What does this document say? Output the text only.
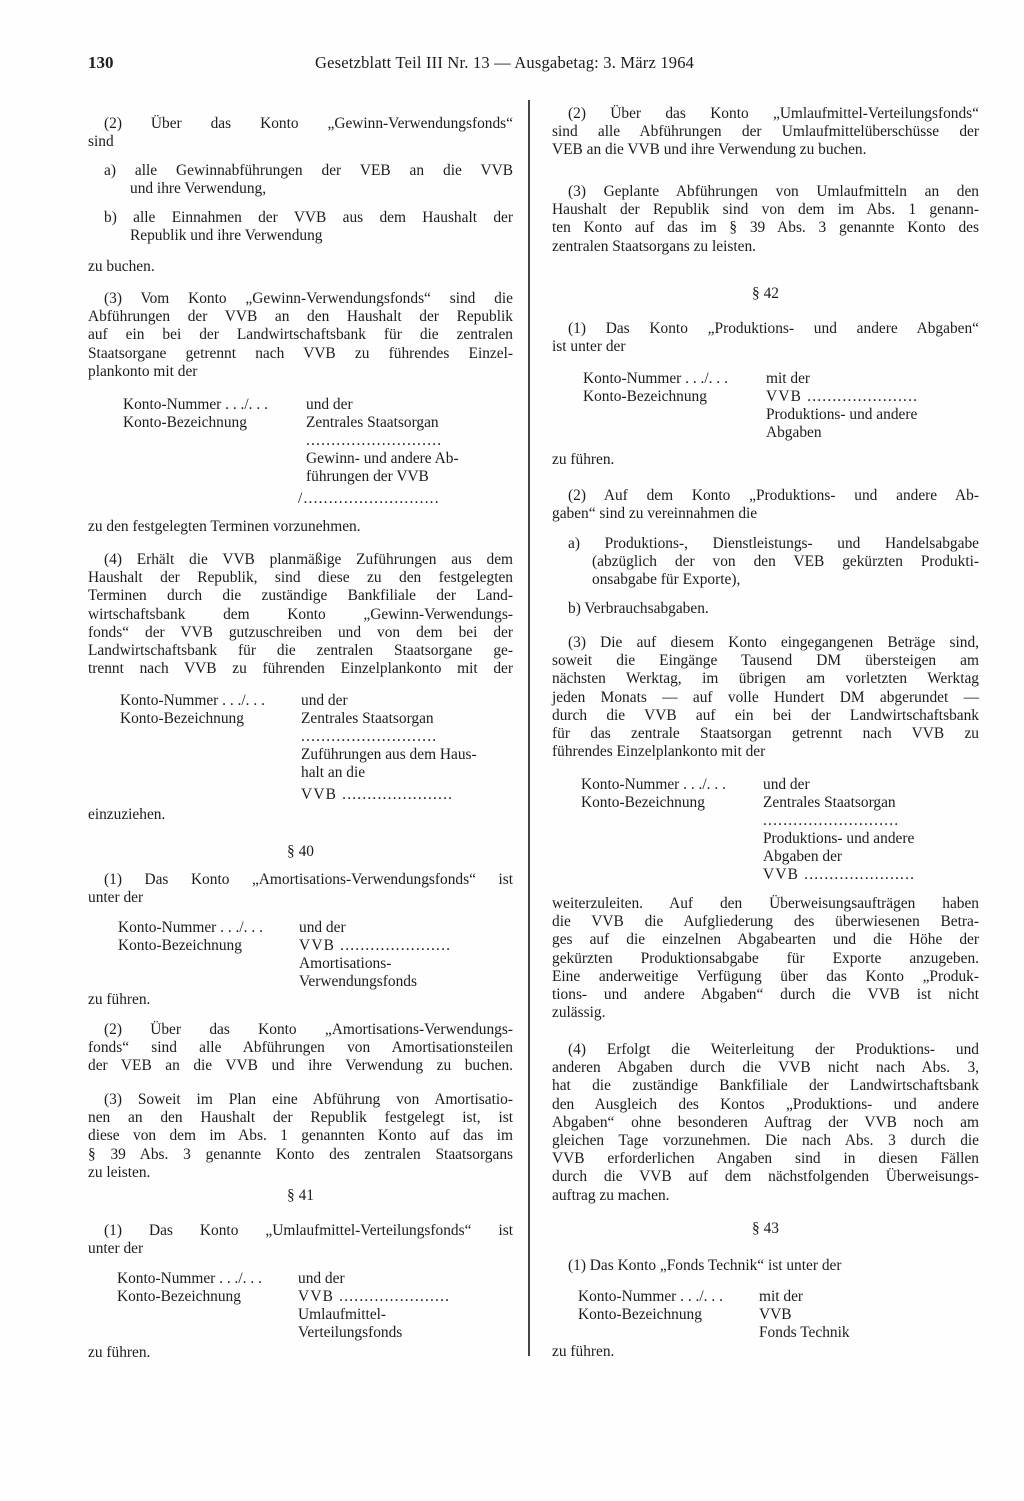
130	Gesetzblatt Teil III Nr. 13 — Ausgabetag: 3. März 1964
(2) Über das Konto „Gewinn-Verwendungsfonds“
sind
a) alle Gewinnabführungen der VEB an die VVB
und ihre Verwendung,
b) alle Einnahmen der VVB aus dem Haushalt der
Republik und ihre Verwendung
zu buchen.
(3) Vom Konto „Gewinn-Verwendungsfonds“ sind die
Abführungen der VVB an den Haushalt der Republik
auf ein bei der Landwirtschaftsbank für die zentralen
Staatsorgane getrennt nach VVB zu führendes Einzel-
plankonto mit der
Konto-Nummer . . ./. . . und der
Konto-Bezeichnung	Zentrales Staatsorgan
...........................
Gewinn- und andere Ab-
führungen der VVB
/...........................
zu den festgelegten Terminen vorzunehmen.
(4) Erhält die VVB planmäßige Zuführungen aus dem
Haushalt der Republik, sind diese zu den festgelegten
Terminen durch die zuständige Bankfiliale der Land-
wirtschaftsbank dem Konto „Gewinn-Verwendungs-
fonds“ der VVB gutzuschreiben und von dem bei der
Landwirtschaftsbank für die zentralen Staatsorgane ge-
trennt nach VVB zu führenden Einzelplankonto mit der
Konto-Nummer . . ./. . . und der
Konto-Bezeichnung	Zentrales Staatsorgan
...........................
Zuführungen aus dem Haus-
halt an die
VVB ......................
einzuziehen.
§ 40
(1) Das Konto „Amortisations-Verwendungsfonds“ ist
unter der
Konto-Nummer . . ./. . . und der
Konto-Bezeichnung	VVB ......................
Amortisations-
Verwendungsfonds
zu führen.
(2) Über das Konto „Amortisations-Verwendungs-
fonds“ sind alle Abführungen von Amortisationsteilen
der VEB an die VVB und ihre Verwendung zu buchen.
(3) Soweit im Plan eine Abführung von Amortisatio-
nen an den Haushalt der Republik festgelegt ist, ist
diese von dem im Abs. 1 genannten Konto auf das im
§ 39 Abs. 3 genannte Konto des zentralen Staatsorgans
zu leisten.
§ 41
(1) Das Konto „Umlaufmittel-Verteilungsfonds“ ist
unter der
Konto-Nummer . . ./. . . und der
Konto-Bezeichnung	VVB ......................
Umlaufmittel-
Verteilungsfonds
zu führen.
(2) Über das Konto „Umlaufmittel-Verteilungsfonds“
sind alle Abführungen der Umlaufmittelüberschüsse der
VEB an die VVB und ihre Verwendung zu buchen.
(3) Geplante Abführungen von Umlaufmitteln an den
Haushalt der Republik sind von dem im Abs. 1 genann-
ten Konto auf das im § 39 Abs. 3 genannte Konto des
zentralen Staatsorgans zu leisten.
§ 42
(1) Das Konto „Produktions- und andere Abgaben“
ist unter der
Konto-Nummer . . ./. . . mit der
Konto-Bezeichnung	VVB ......................
Produktions- und andere
Abgaben
zu führen.
(2) Auf dem Konto „Produktions- und andere Ab-
gaben“ sind zu vereinnahmen die
a) Produktions-, Dienstleistungs- und Handelsabgabe
(abzüglich der von den VEB gekürzten Produkti-
onsabgabe für Exporte),
b) Verbrauchsabgaben.
(3) Die auf diesem Konto eingegangenen Beträge sind,
soweit die Eingänge Tausend DM übersteigen am
nächsten Werktag, im übrigen am vorletzten Werktag
jeden Monats — auf volle Hundert DM abgerundet —
durch die VVB auf ein bei der Landwirtschaftsbank
für das zentrale Staatsorgan getrennt nach VVB zu
führendes Einzelplankonto mit der
Konto-Nummer . . ./. . . und der
Konto-Bezeichnung	Zentrales Staatsorgan
...........................
Produktions- und andere
Abgaben der
VVB ......................
weiterzuleiten. Auf den Überweisungsaufträgen haben
die VVB die Aufgliederung des überwiesenen Betra-
ges auf die einzelnen Abgabearten und die Höhe der
gekürzten Produktionsabgabe für Exporte anzugeben.
Eine anderweitige Verfügung über das Konto „Produk-
tions- und andere Abgaben“ durch die VVB ist nicht
zulässig.
(4) Erfolgt die Weiterleitung der Produktions- und
anderen Abgaben durch die VVB nicht nach Abs. 3,
hat die zuständige Bankfiliale der Landwirtschaftsbank
den Ausgleich des Kontos „Produktions- und andere
Abgaben“ ohne besonderen Auftrag der VVB noch am
gleichen Tage vorzunehmen. Die nach Abs. 3 durch die
VVB erforderlichen Angaben sind in diesen Fällen
durch die VVB auf dem nächstfolgenden Überweisungs-
auftrag zu machen.
§ 43
(1) Das Konto „Fonds Technik“ ist unter der
Konto-Nummer . . ./. . . mit der
Konto-Bezeichnung	VVB
Fonds Technik
zu führen.
